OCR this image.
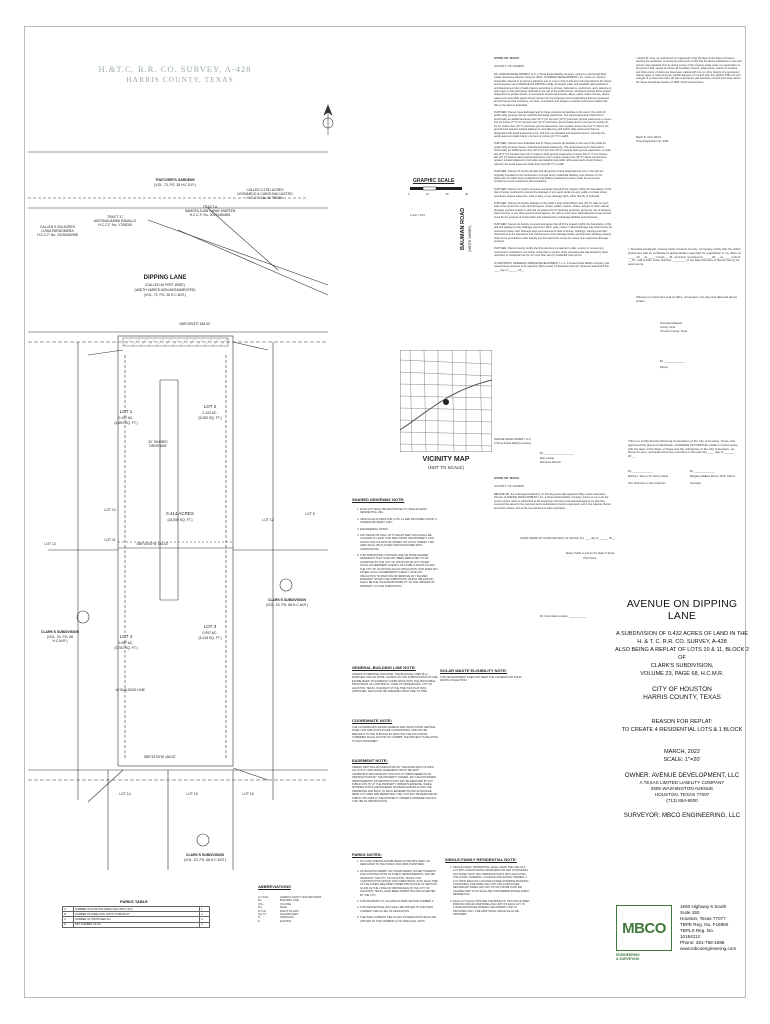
H.&T.C. R.R. CO. SURVEY, A-428
HARRIS COUNTY, TEXAS
THATCHER'S GARDENS
(VOL. 73, PG. 28 H.C.D.R.)
TRACT A
SAMOTA JUAN LARAY MARTEN
H.C.C.F. No. 20170454853
TRACT 17
ANTONIA MARIA RAVALLO
H.C.C.F. No. Y708205
CALLED 0.334 ACRES
LUISA PARDOMERA
H.C.C.F. No. 20150160958
CALLED 0.2781 ACRES
LEONARDO & CAROLINA CASTRO
H.C.C.F. No. M-709154
DIPPING LANE
(CALLED 40 FEET WIDE)
(WIDTH VARIES-NON-MONUMENTED)
(VOL. 73, PG. 28 H.C.M.R.)
BAUMAN ROAD (WIDTH VARIES)
N89°43'03"E 184.02'
LOT 1
0.107 AC.
(4,651 SQ. FT.)
LOT 2
0.123 AC.
(5,350 SQ. FT.)
0.414 ACRES
(18,050 SQ. FT.)
20' SHARED DRIVEWAY
S89°43'03"W 184.02'
LOT 4
0.087 AC.
(3,781 SQ. FT.)
LOT 3
0.097 AC.
(4,218 SQ. FT.)
10' BUILDING LINE
S89°43'03"W 184.02'
CLARK'S SUBDIVISION
(VOL. 23, PG. 68 H.C.M.R.)
CLARK'S SUBDIVISION
(VOL. 23, PG. 68 H.C.M.R.)
CLARK'S SUBDIVISION
(VOL. 23, PG. 68 H.C.M.R.)
LOT 10
LOT 11
LOT 12
LOT 9
LOT 13
LOT 14	LOT 15	LOT 16
GRAPHIC SCALE
0	10	20	40
1 inch = 20 ft.
VICINITY MAP
(NOT TO SCALE)
SHARED DRIVEWAY NOTE:
1. EACH LOT SHALL BE RESTRICTED TO SINGLE FAMILY RESIDENTIAL USE.
2. VEHICULAR ACCESS FOR LOTS 1-4 ARE PROVIDED FOR BY A SHARED DRIVEWAY ONLY.
3. ENGINEERING NOTES.
4. ANY FENCE OR WALL UP TO EIGHT FEET HIGH SHALL BE LOCATED AT LEAST FIVE FEET FROM THE PROPERTY LINE ALONG THE COLLECTOR STREET OR LOCAL STREET. THIS AREA SHALL BE PLANTED AND MAINTAINED WITH LANDSCAPING.
5. THIS SUBDIVISION CONTAINS ONE OR MORE SHARED DRIVEWAYS THAT HAVE NOT BEEN DEDICATED TO OR ACCEPTED BY THE CITY OF HOUSTON OR ANY OTHER LOCAL GOVERNMENT AGENCY AS A PUBLIC RIGHT-OF-WAY. THE CITY OF HOUSTON HAS NO OBLIGATION, NOR DOES ANY OTHER LOCAL GOVERNMENT AGENCY HAVE ANY OBLIGATION TO MAINTAIN OR IMPROVE ANY SHARED DRIVEWAY WITHIN THE SUBDIVISION, WHICH OBLIGATION SHALL BE THE SOLE RESPONSIBILITY OF THE OWNERS OF PROPERTY IN THIS SUBDIVISION.
GENERAL BUILDING LINE NOTE:
UNLESS OTHERWISE INDICATED, THE BUILDING LINES (B.L.), WHETHER ONE OR MORE, SHOWN ON THIS SUBDIVISION PLAT ARE ESTABLISHED TO EVIDENCE COMPLIANCE WITH THE APPLICABLE PROVISIONS OF CHAPTER 42, CODE OF ORDINANCES, CITY OF HOUSTON, TEXAS, IN EFFECT AT THE TIME THIS PLAT WAS APPROVED, WHICH MAY BE AMENDED FROM TIME TO TIME.
COORDINATE NOTE:
THE COORDINATES SHOWN HEREON ARE TEXAS STATE CENTRAL ZONE, NAD 1983 STATE PLANE COORDINATES, AND MAY BE BROUGHT TO THE SURFACE BY APPLYING THE FOLLOWING COMBINED SCALE FACTOR OF 0.999885, THE PROJECT IS RELATIVE TO NGS MONUMENT.
EASEMENT NOTE:
ABSENT WRITTEN AUTHORIZATION BY THE AFFECTED UTILITIES, ALL UTILITY AND AERIAL EASEMENTS MUST BE KEPT UNOBSTRUCTED FROM ANY NON-UTILITY IMPROVEMENTS OR OBSTRUCTIONS BY THE PROPERTY OWNER. ANY UNAUTHORIZED IMPROVEMENTS OR OBSTRUCTIONS MAY BE REMOVED BY ANY PUBLIC UTILITY AT THE PROPERTY OWNER'S EXPENSE. WHILE WOODEN POSTS AND PANELED WOODEN FENCES ALONG THE PERIMETER AND BACK TO BACK EASEMENTS AND ALONGSIDE REAR LOT LINES ARE PERMITTED, THEY TOO MAY BE REMOVED BY PUBLIC UTILITIES AT THE PROPERTY OWNER'S EXPENSE SHOULD THEY BE AN OBSTRUCTION.
PARKS NOTES:
1. NO LAND IS BEING ESTABLISHED AS PRIVATE PARK OR DEDICATED TO THE PUBLIC FOR PARK PURPOSES.
2. NO BUILDING PERMIT OR OTHER PERMIT, EXCEPT PERMITS FOR CONSTRUCTION OF PUBLIC IMPROVEMENTS, WILL BE ISSUED BY THE CITY OF HOUSTON, TEXAS, FOR CONSTRUCTION WITHIN THIS SUBDIVISION UNTIL SUCH TIME AS THE FUNDS REQUIRED UNDER PROVISIONS OF SECTION 42-253 OF THE CODE OF ORDINANCES OF THE CITY OF HOUSTON, TEXAS, HAVE BEEN SUBMITTED AND ACCEPTED BY THE CITY.
3. THIS PROPERTY IS LOCATED IN PARK SECTOR NUMBER 3.
4. THIS PERCENTAGE (0%) SHALL BE APPLIED TO THE THEN CURRENT FEE IN LIEU OF DEDICATION.
5. THE THEN-CURRENT FEE IN LIEU OF DEDICATION SHALL BE APPLIED TO THIS NUMBER (4) OF DWELLING UNITS.
SOLAR WASTE ELIGIBILITY NOTE:
THIS DEVELOPMENT DOES NOT MEET THE CRITERIA FOR SOLID WASTE COLLECTION.
SINGLE-FAMILY RESIDENTIAL NOTE:
1. SINGLE-FAMILY RESIDENTIAL SHALL MEAN THE USE OF A LOT WITH ONE BUILDING DESIGNED FOR AND CONTAINING NOT MORE THAN TWO SEPARATE UNITS WITH FACILITIES FOR LIVING, SLEEPING, COOKING AND EATING THEREIN. A LOT UPON WHICH IS LOCATED A FREE-STANDING BUILDING CONTAINING ONE DWELLING UNIT AND A DETACHED SECONDARY DWELLING UNIT OF NOT MORE THAN 900 SQUARE FEET ALSO SHALL BE CONSIDERED SINGLE FAMILY RESIDENTIAL.
2. EACH LOT SHALL PROVIDE A MINIMUM OF TWO OFF-STREET PARKING SPACES PER DWELLING UNIT ON EACH LOT. IN THOSE INSTANCES WHERE A SECONDARY UNIT IS PROVIDED ONLY ONE ADDITIONAL SPACE SHALL BE PROVIDED.
ABBREVIATIONS
H.C.M.R.	HARRIS COUNTY MAP RECORDS
B.L.	BUILDING LINE
VOL.	VOLUME
PG.	PAGE
R.O.W.	RIGHT-OF-WAY
SQ. FT.	SQUARE FEET
N	NORTHING
E	EASTING
PARKS TABLE
A	NUMBER OF EXISTING DWELLING UNITS (DU)	1
B	NUMBER OF DWELLING UNITS TO BE BUILT	4
C	NUMBER OF PROPOSED DU	4
D	NET NUMBER OF DU	3
STATE OF TEXAS
COUNTY OF HARRIS

We, AVENUE DEVELOPMENT, LLC, A Texas limited liability company, acting by and through Mary Lawler, Executive Director, being an officer of AVENUE DEVELOPMENT, LLC, owner (or owners) hereinafter referred to as Owners (whether one or more) of the 0.432 acre tract described in the above and foregoing map of AVENUE ON DIPPING LANE, do hereby make and establish said subdivision and development plan of said property according to all lines, dedications, restrictions, and notations on said maps or plat and hereby dedicate to the use of the public forever, all streets (except those streets designated as private streets, or permanent access easements), alleys, parks, water courses, drains, easements and public places shown thereon for the purposes and considerations therein expressed; and do hereby bind ourselves, our heirs, successors and assigns to warrant and forever defend the title on the land so dedicated.

FURTHER, Owners have dedicated and by these presents do dedicate to the use of the public for public utility purpose forever unobstructed aerial easements. The aerial easements shall extend horizontally an additional eleven feet (11' 0") for ten feet (10' 0") perimeter ground easements or seven feet six inches (7' 6") for fourteen feet (14' 0") perimeter ground easements or five feet six inches (5' 6") for sixteen feet (16' 0") perimeter ground easements, from a plane sixteen feet (16' 0") above the ground level upward, located adjacent to and adjoining said public utility easements that are designated with aerial easements (U.E. and A.E.) as indicated and depicted hereon, whereby the aerial easement totals twenty one feet six inches (21' 6") in width.

FURTHER, Owners have dedicated and by these presents do dedicate to the use of the public for public utility purpose forever unobstructed aerial easements. The aerial easements shall extend horizontally an additional ten feet (10' 0") for ten feet (10' 0") back-to-back ground easements, or eight feet (8' 0") for fourteen feet (14' 0") back-to-back ground easements or seven feet (7' 0") for sixteen feet (16' 0") back-to-back ground easements, from a plane sixteen feet (16' 0") above ground level upward, located adjacent to both sides and adjoining all public utility easements shown hereon, whereby the aerial easement totals thirty feet (30' 0") in width.

FURTHER, Owners do hereby declare that all parcels of land designated as lots on this plat are originally intended for the construction of single family residential dwelling units thereon (or the placement of mobile home subdivision) and shall be restricted for same under the terms and conditions of such restrictions filed separately.

FURTHER, Owners do hereby covenant and agree that all of the property within the boundaries of this plat is hereby restricted to prevent the drainage of any septic tanks into any public or private street, permanent access easement, road or alley, or any drainage ditch, either directly or indirectly.

FURTHER, Owners do hereby dedicate to the public a strip of land fifteen feet (15' 0") wide on each side of the center line of any and all bayous, creeks, gullies, ravines, draws, sloughs or other natural drainage courses located in said plat, as easements for drainage purposes, giving the City of Houston, Harris County, or any other governmental agency, the right to enter upon said easement at any and all times for the purpose of construction and maintenance of drainage facilities and structures.

FURTHER, Owners do hereby covenant and agree that all of the property within the boundaries of this plat and adjacent to any drainage easement, ditch, gully, creek or natural drainage way shall hereby be restricted to keep such drainage ways and easements clear of fences, buildings, planting and other obstructions to the operations and maintenance of the drainage facility and that such abutting property shall not be permitted to drain directly into this easement except by means of an approved drainage structure.

FURTHER, Owners hereby certify that this plat does not attempt to alter, amend, or remove any covenants or restrictions; we further certify that no portion of the preceding plat was limited by deed restriction to residential use for not more than two (2) residential units per lot.

IN TESTIMONY WHEREOF, AVENUE DEVELOPMENT, L.L.C. A Texas limited liability company, has caused these presents to be signed by Mary Lawler, its Executive Director, thereunto authorized this ____ day of ______, 20__.

AVENUE DEVELOPMENT, LLC
A Texas limited liability company
By: ____________________
Mary Lawler
Executive Director
STATE OF TEXAS
COUNTY OF HARRIS
BEFORE ME, the undersigned authority, on this day personally appeared Mary Lawler, Executive Director of AVENUE DEVELOPMENT, LLC, a Texas limited liability company, known to me to be the person whose name is subscribed to the foregoing instrument and acknowledged to me that they executed the same for the purposes and considerations therein expressed, and in the capacity therein and herein stated, and as the act and deed of said corporation.
GIVEN UNDER MY HAND AND SEAL OF OFFICE, this ____ day of ______, 20__.
Notary Public in and for the State of Texas
Print Name
My Commission expires: ____________
I, Martin B. Cinis, am authorized (or registered) under the laws of the State of Texas to practice the profession of surveying and hereby certify that the above subdivision is true and correct; was prepared from an actual survey of the property made under my supervision on the ground; that, except as shown all boundary corners, angle points, points of curvature and other points of reference have been marked with iron (or other objects of a permanent nature) pipes or rods having an outside diameter of not less than five eighths (5/8) inch and a length of not less than three (3) feet; and that the plat boundary corners have been tied to the Texas Coordinate System of 1983, South Central Zone.
Martin B. Cinis, RPLS
Texas Registration No. 4961
I, Teneshia Hudspeth, County Clerk of Harris County, do hereby certify that the within instrument with its certificate of authentication was filed for registration in my office on ____, 20__, at ____ o'clock __.M., and duly recorded on ____, 20__, at ____ o'clock __.M., and at Film Code Number ________ of the Map Records of Harris County for said county.
Witness my hand and seal of office, at Houston, the day and date last above written.
Teneshia Hudspeth
County Clerk
Of Harris County, Texas
By: ______________
Deputy
This is to certify that the Planning Commission of the City of Houston, Texas, has approved this plat and subdivision of AVENUE ON DIPPING LANE in conformance with the laws of the State of Texas and the ordinances of the City of Houston, as shown hereon, and authorized the recording of this plat this ____ day of ______, 20__.
By: ______________
Martha L. Stein or M. Sonny Garza
Vice Chairman or Vice Chairman
By: ______________
Margaret Wallace Brown, AICP, CNU-A
Secretary
AVENUE ON DIPPING LANE
A SUBDIVISION OF 0.432 ACRES OF LAND IN THE
H. & T. C. R.R. CO. SURVEY, A-428
ALSO BEING A REPLAT OF LOTS 10 & 11, BLOCK 2 OF
CLARK'S SUBDIVISION,
VOLUME 23, PAGE 68, H.C.M.R.
CITY OF HOUSTON
HARRIS COUNTY, TEXAS
REASON FOR REPLAT:
TO CREATE 4 RESIDENTIAL LOTS & 1 BLOCK
MARCH, 2022
SCALE: 1"=20'
OWNER: AVENUE DEVELOPMENT, LLC
A TEXAS LIMITED LIABILITY COMPANY
2505 WASHINGTON AVENUE
HOUSTON, TEXAS 77007
(713) 864-9000
SURVEYOR: MBCO ENGINEERING, LLC
MBCO
ENGINEERING
& SURVEYING
1550 Highway 6 South
Suite 150
Houston, Texas 77077
TBPE Reg. No. F16850
TBPLS Reg. No.
10194112
Phone: 281-768-1888
www.mbcoengineering.com
